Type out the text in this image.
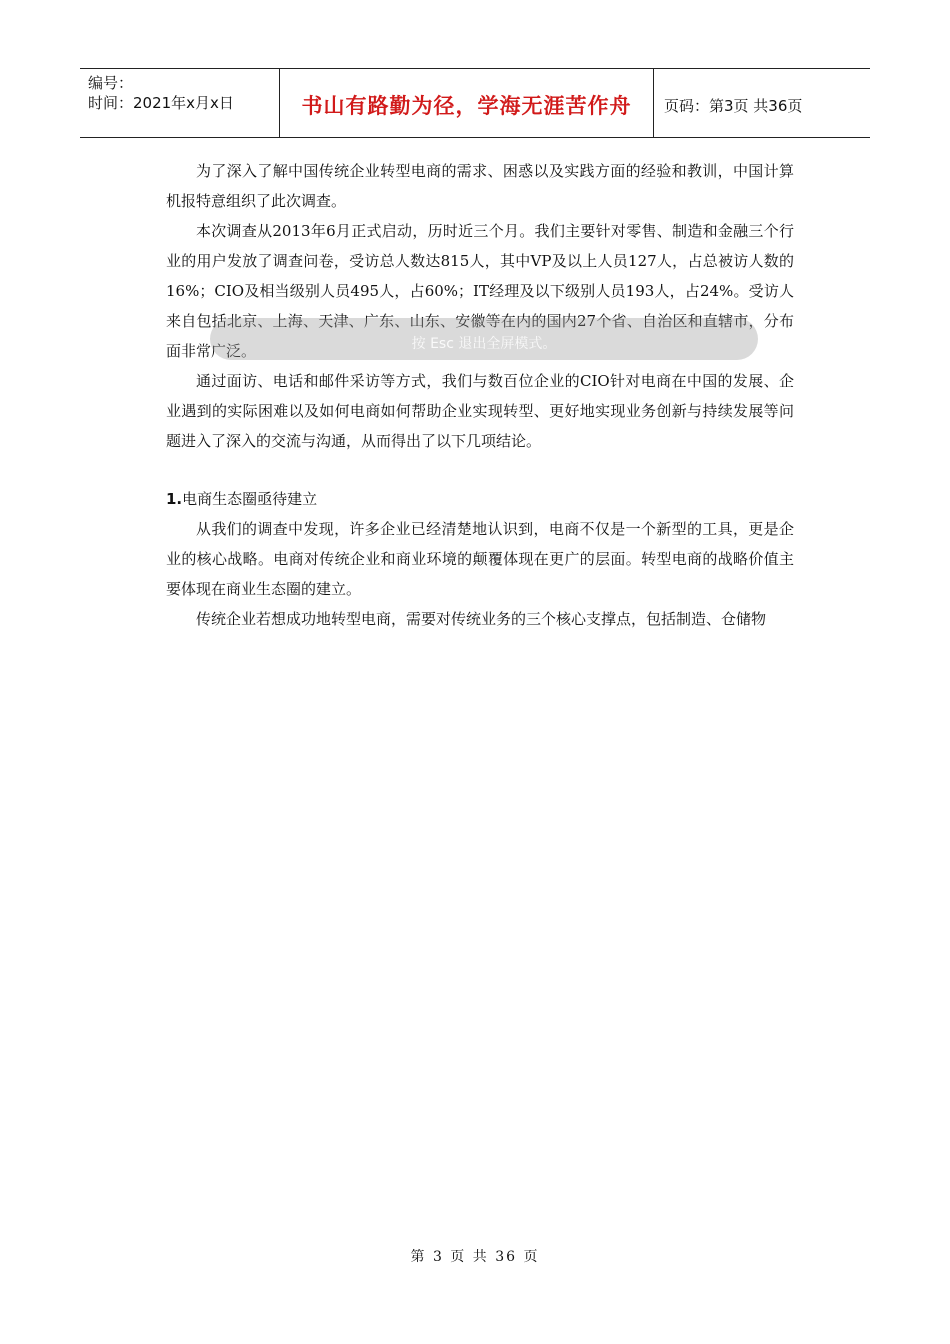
编号：
时间：2021年x月x日	书山有路勤为径，学海无涯苦作舟	页码：第3页 共36页

为了深入了解中国传统企业转型电商的需求、困惑以及实践方面的经验和教训，中国计算机报特意组织了此次调查。

本次调查从2013年6月正式启动，历时近三个月。我们主要针对零售、制造和金融三个行业的用户发放了调查问卷，受访总人数达815人，其中VP及以上人员127人，占总被访人数的16%；CIO及相当级别人员495人，占60%；IT经理及以下级别人员193人，占24%。受访人来自包括北京、上海、天津、广东、山东、安徽等在内的国内27个省、自治区和直辖市，分布面非常广泛。

通过面访、电话和邮件采访等方式，我们与数百位企业的CIO针对电商在中国的发展、企业遇到的实际困难以及如何电商如何帮助企业实现转型、更好地实现业务创新与持续发展等问题进入了深入的交流与沟通，从而得出了以下几项结论。

1.电商生态圈亟待建立

从我们的调查中发现，许多企业已经清楚地认识到，电商不仅是一个新型的工具，更是企业的核心战略。电商对传统企业和商业环境的颠覆体现在更广的层面。转型电商的战略价值主要体现在商业生态圈的建立。

传统企业若想成功地转型电商，需要对传统业务的三个核心支撑点，包括制造、仓储物

按 Esc 退出全屏模式。
第 3 页 共 36 页
